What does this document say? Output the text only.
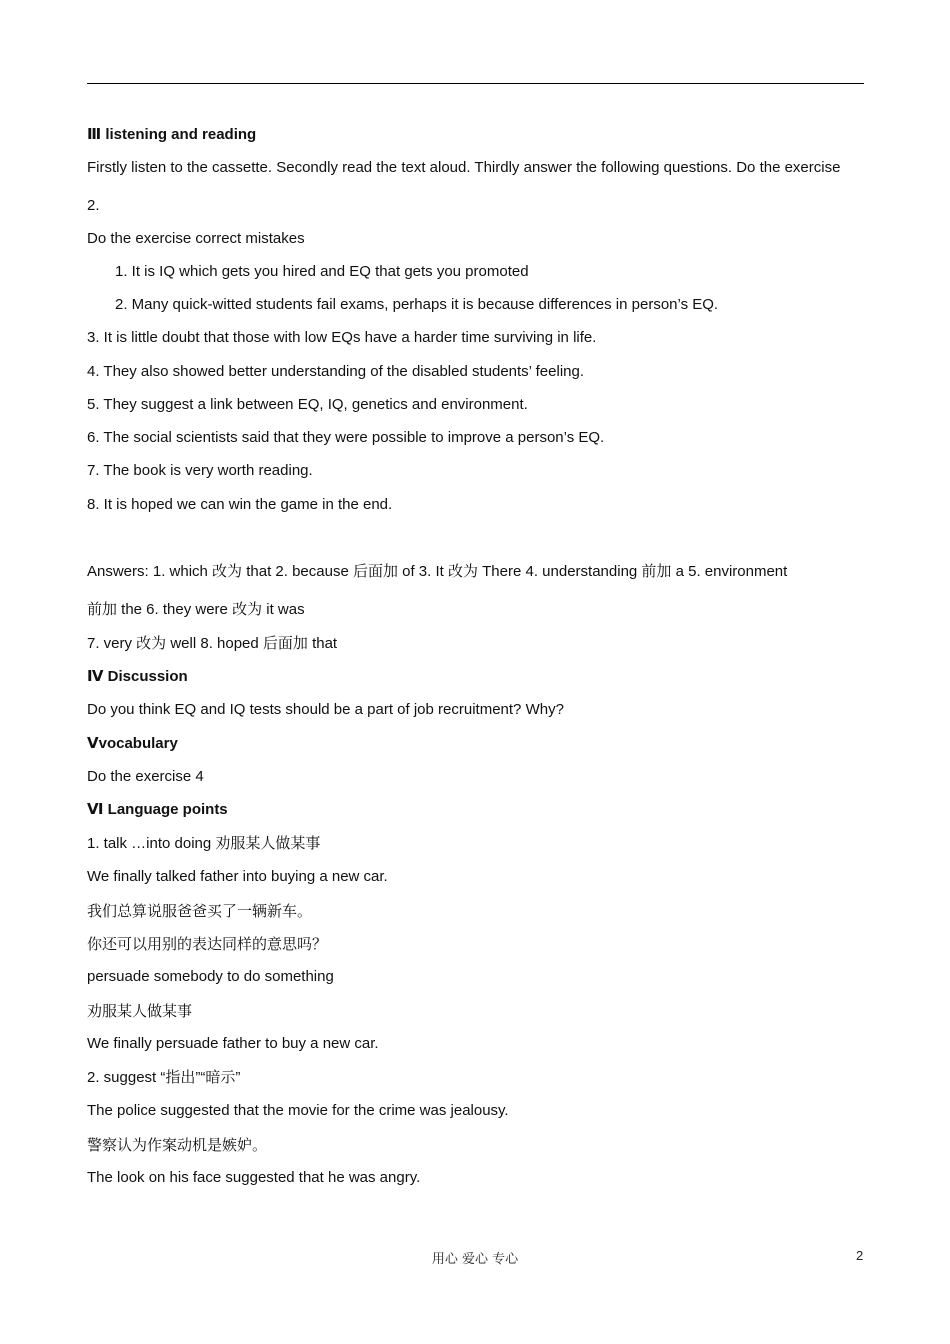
Ⅲ listening and reading
Firstly listen to the cassette. Secondly read the text aloud. Thirdly answer the following questions. Do the exercise
2.
Do the exercise correct mistakes
1. It is IQ which gets you hired and EQ that gets you promoted
2. Many quick-witted students fail exams, perhaps it is because differences in person’s EQ.
3. It is little doubt that those with low EQs have a harder time surviving in life.
4. They also showed better understanding of the disabled students’ feeling.
5. They suggest a link between EQ, IQ, genetics and environment.
6. The social scientists said that they were possible to improve a person’s EQ.
7. The book is very worth reading.
8. It is hoped we can win the game in the end.
Answers: 1. which 改为 that 2. because 后面加 of 3. It 改为 There 4. understanding 前加 a 5. environment
前加 the 6. they were 改为 it was
7. very 改为 well 8. hoped 后面加 that
Ⅳ Discussion
Do you think EQ and IQ tests should be a part of job recruitment? Why?
Ⅴvocabulary
Do the exercise 4
Ⅵ Language points
1. talk …into doing 劝服某人做某事
We finally talked father into buying a new car.
我们总算说服爸爸买了一辆新车。
你还可以用别的表达同样的意思吗？
persuade somebody to do something
劝服某人做某事
We finally persuade father to buy a new car.
2. suggest “指出”“暗示”
The police suggested that the movie for the crime was jealousy.
警察认为作案动机是嫉妒。
The look on his face suggested that he was angry.
用心 爱心 专心	2
